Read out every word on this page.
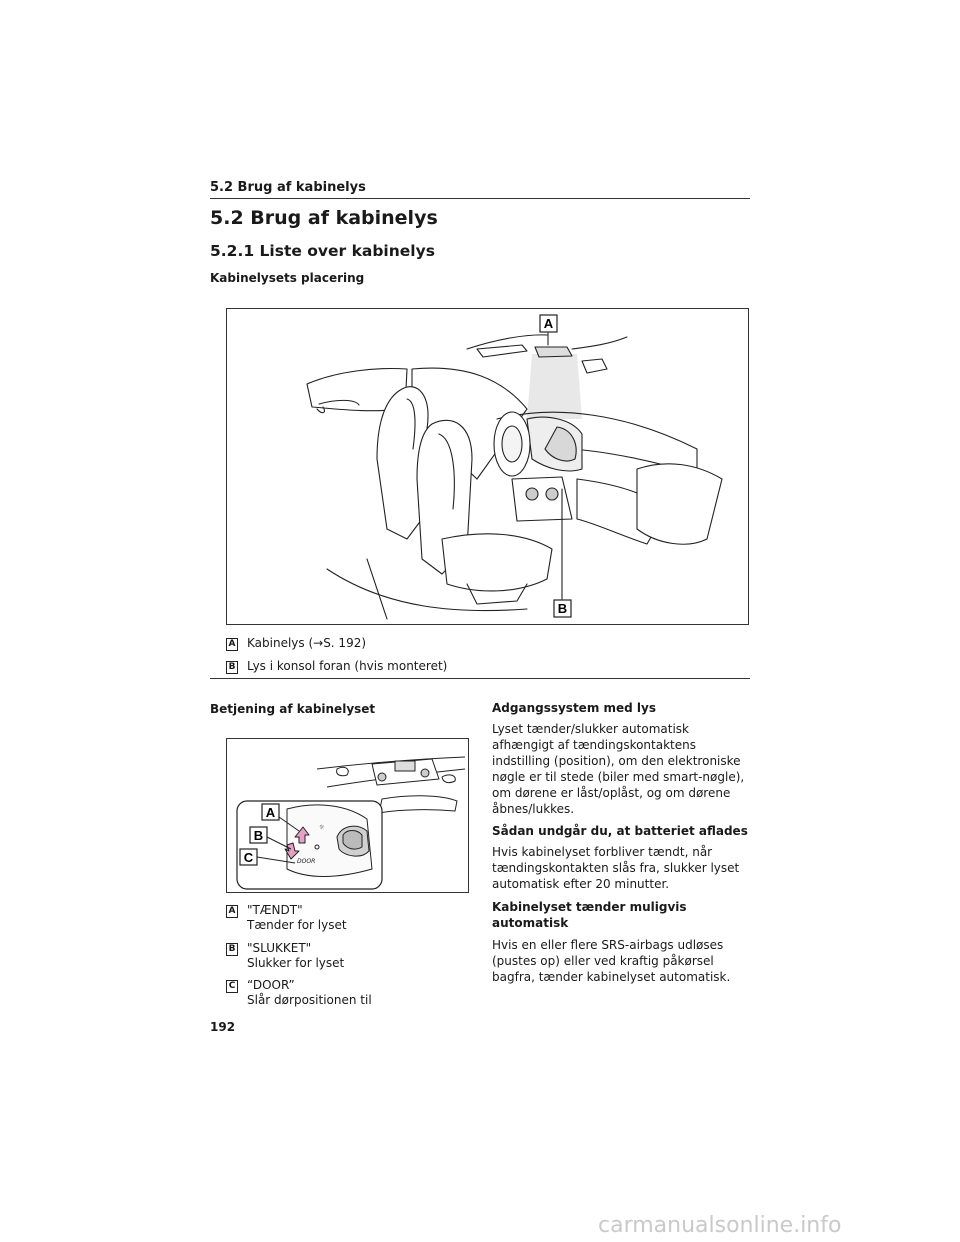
5.2 Brug af kabinelys
5.2 Brug af kabinelys
5.2.1 Liste over kabinelys
Kabinelysets placering
A
B
A Kabinelys (→S. 192)
B Lys i konsol foran (hvis monteret)
Betjening af kabinelyset
☼
DOOR
A
B
C
A "TÆNDT"
Tænder for lyset
B "SLUKKET"
Slukker for lyset
C “DOOR”
Slår dørpositionen til
Adgangssystem med lys
Lyset tænder/slukker automatisk
afhængigt af tændingskontaktens
indstilling (position), om den elektroniske
nøgle er til stede (biler med smart-nøgle),
om dørene er låst/oplåst, og om dørene
åbnes/lukkes.
Sådan undgår du, at batteriet aflades
Hvis kabinelyset forbliver tændt, når
tændingskontakten slås fra, slukker lyset
automatisk efter 20 minutter.
Kabinelyset tænder muligvis
automatisk
Hvis en eller flere SRS-airbags udløses
(pustes op) eller ved kraftig påkørsel
bagfra, tænder kabinelyset automatisk.
192
carmanualsonline.info
